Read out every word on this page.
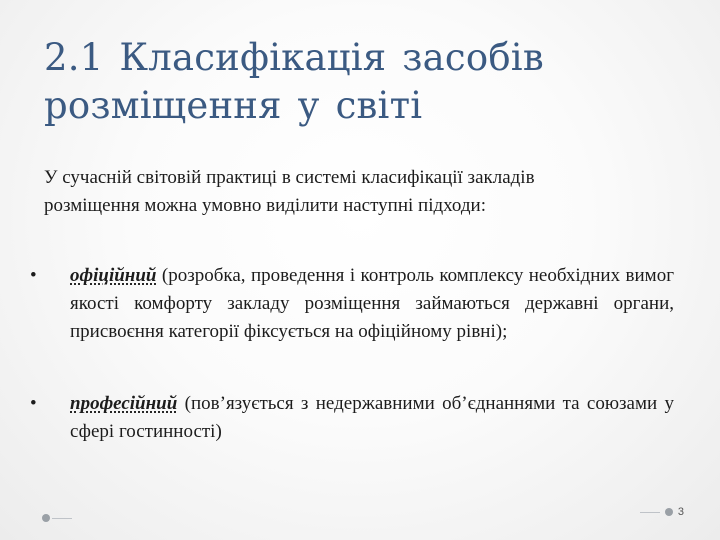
2.1 Класифікація засобів
розміщення у світі
У сучасній світовій практиці в системі класифікації закладів
розміщення можна умовно виділити наступні підходи:
• офіційний (розробка, проведення і контроль комплексу необхідних вимог якості комфорту закладу розміщення займаються державні органи, присвоєння категорії фіксується на офіційному рівні);
• професійний (пов’язується з недержавними об’єднаннями та союзами у сфері гостинності)
3
